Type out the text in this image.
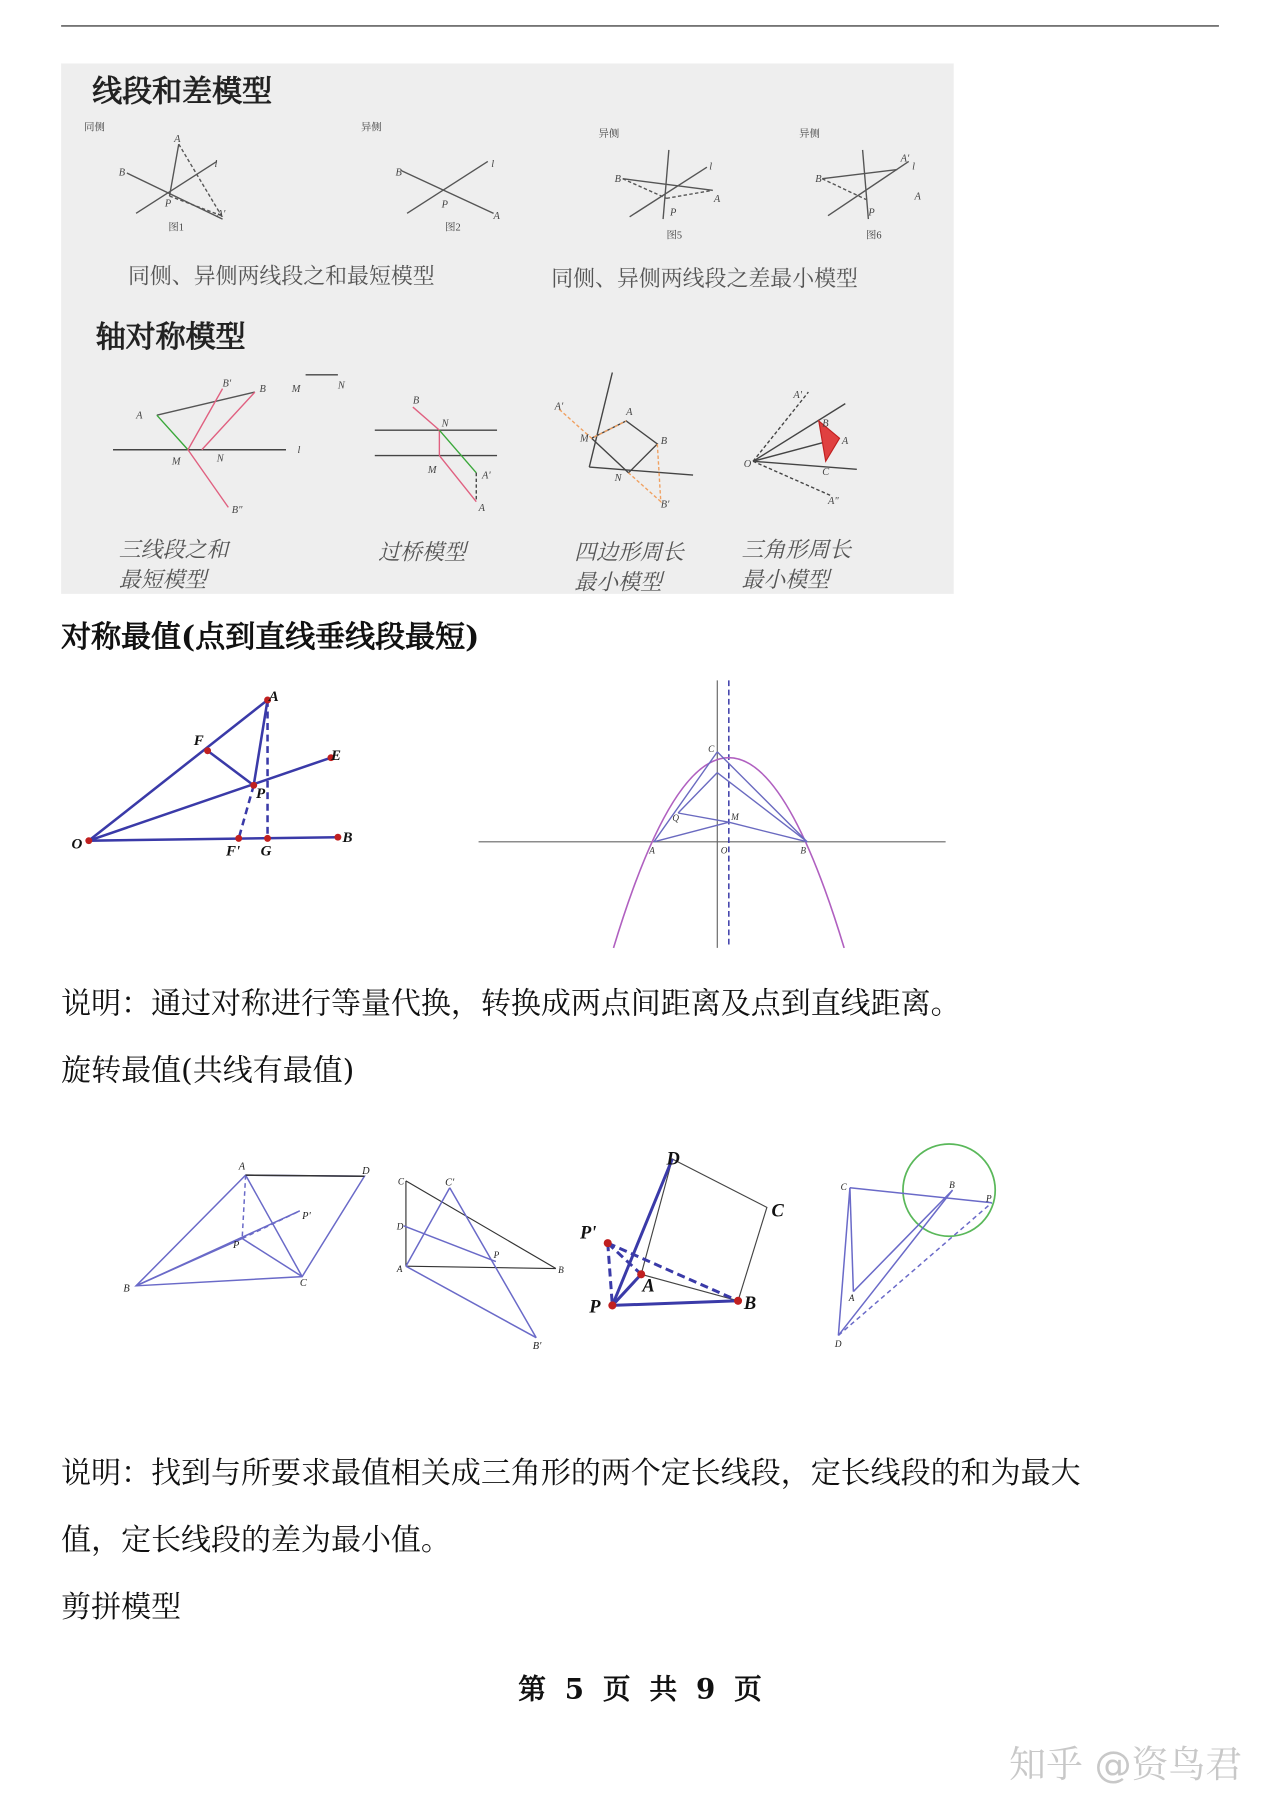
同侧	异侧
异侧	异侧
图1	图2
图5	图6
A
B
P
A'
l
B
P
A
l
B
P
A
l
B
P
A'
l
A
线段和差模型
同侧、异侧两线段之和最短模型	同侧、异侧两线段之差最小模型
轴对称模型
A
B'
B
M	N
l
M	N
B"
B
N
M
A'
A
A'
A
B
M
N
B'
A'
B
A
C
O
A"
三线段之和
最短模型
过桥模型	四边形周长
最小模型
三角形周长
最小模型
对称最值(点到直线垂线段最短)
A
F
E
P
O	F' G
B
C
Q	M
A	B
O
说明：通过对称进行等量代换，转换成两点间距离及点到直线距离。
旋转最值(共线有最值)
A	D
B
C
P
P'
C'
B'
P'
P
D
C
B
A
C
D
A	B
P
C	B
P
A
D
说明：找到与所要求最值相关成三角形的两个定长线段，定长线段的和为最大
值，定长线段的差为最小值。
剪拼模型
第 5 页 共 9 页
知乎 @资鸟君
